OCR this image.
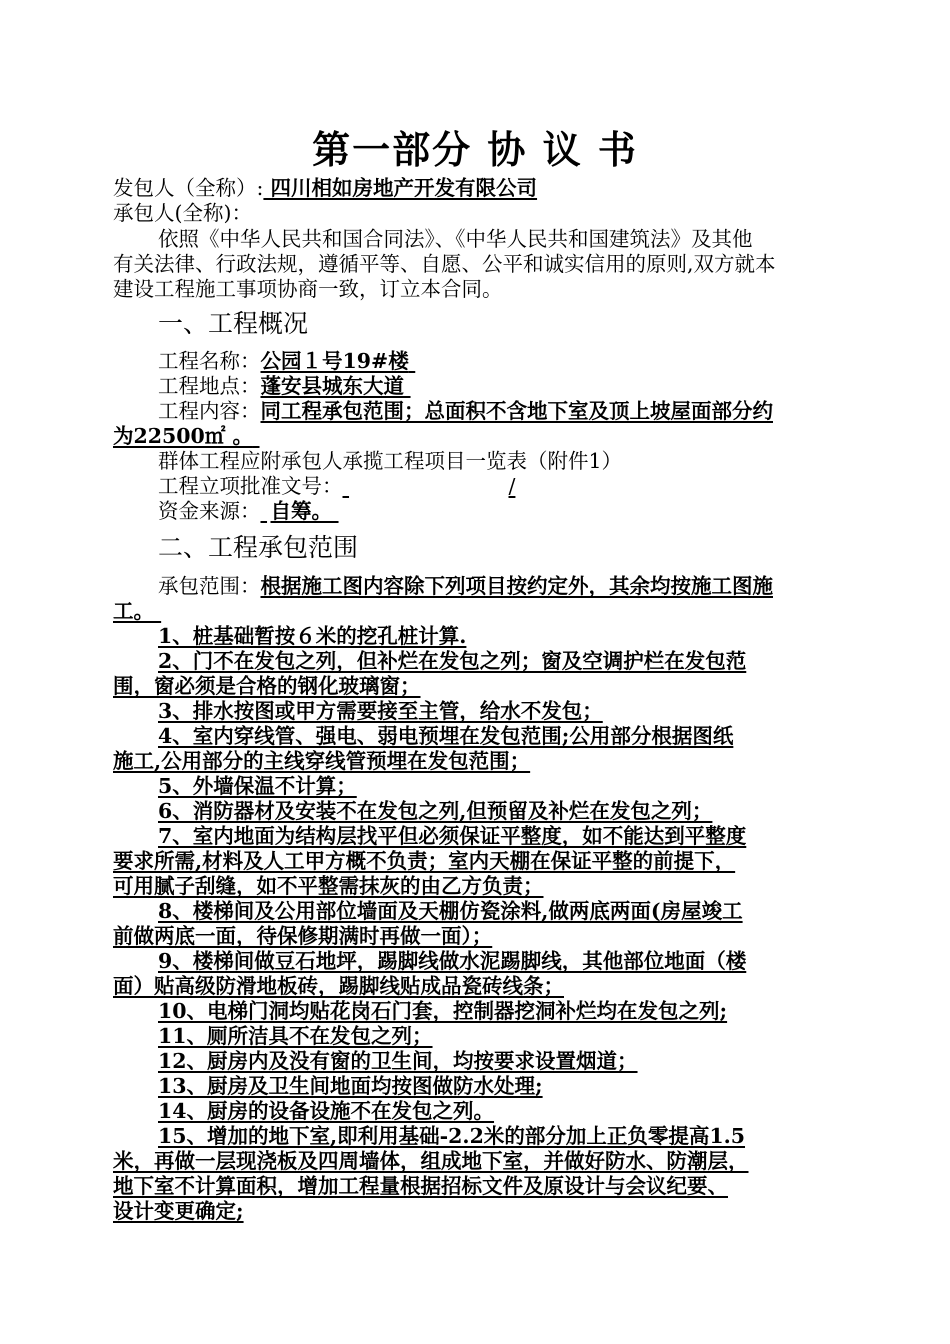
第一部分 协 议 书
发包人（全称）: 四川相如房地产开发有限公司
承包人(全称)：
依照《中华人民共和国合同法》、《中华人民共和国建筑法》及其他
有关法律、行政法规，遵循平等、自愿、公平和诚实信用的原则,双方就本
建设工程施工事项协商一致，订立本合同。
一、工程概况
工程名称：公园１号19#楼
工程地点：蓬安县城东大道
工程内容：同工程承包范围；总面积不含地下室及顶上坡屋面部分约
为22500㎡ 。
群体工程应附承包人承揽工程项目一览表（附件1）
工程立项批准文号：	/
资金来源： 自筹。
二、工程承包范围
承包范围：根据施工图内容除下列项目按约定外，其余均按施工图施
工。
1、桩基础暂按６米的挖孔桩计算.
2、门不在发包之列，但补烂在发包之列；窗及空调护栏在发包范
围，窗必须是合格的钢化玻璃窗；
3、排水按图或甲方需要接至主管，给水不发包；
4、室内穿线管、强电、弱电预埋在发包范围;公用部分根据图纸
施工,公用部分的主线穿线管预埋在发包范围；
5、外墙保温不计算；
6、消防器材及安装不在发包之列,但预留及补烂在发包之列；
7、室内地面为结构层找平但必须保证平整度，如不能达到平整度
要求所需,材料及人工甲方概不负责；室内天棚在保证平整的前提下，
可用腻子刮缝，如不平整需抹灰的由乙方负责；
8、楼梯间及公用部位墙面及天棚仿瓷涂料,做两底两面(房屋竣工
前做两底一面，待保修期满时再做一面）；
9、楼梯间做豆石地坪，踢脚线做水泥踢脚线，其他部位地面（楼
面）贴高级防滑地板砖，踢脚线贴成品瓷砖线条；
10、电梯门洞均贴花岗石门套，控制器挖洞补烂均在发包之列;
11、厕所洁具不在发包之列；
12、厨房内及没有窗的卫生间，均按要求设置烟道；
13、厨房及卫生间地面均按图做防水处理;
14、厨房的设备设施不在发包之列。
15、增加的地下室,即利用基础-2.2米的部分加上正负零提高1.5
米，再做一层现浇板及四周墙体，组成地下室，并做好防水、防潮层，
地下室不计算面积，增加工程量根据招标文件及原设计与会议纪要、
设计变更确定;
